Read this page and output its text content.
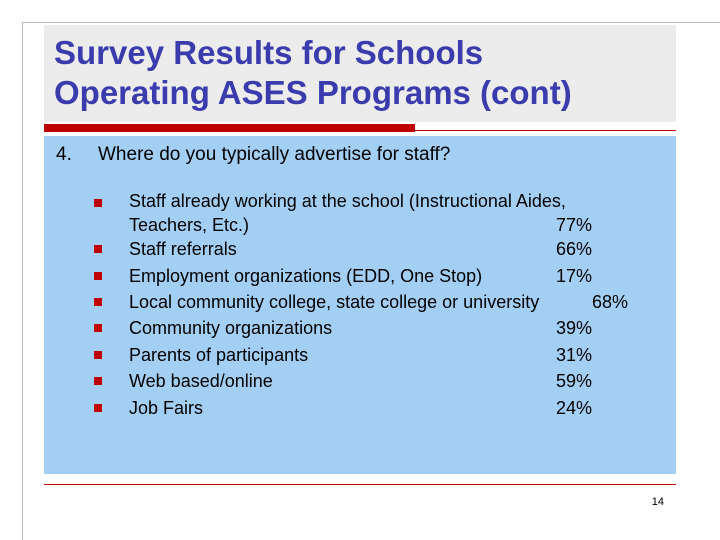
Survey Results for Schools
Operating ASES Programs (cont)
4. Where do you typically advertise for staff?
Staff already working at the school (Instructional Aides,
Teachers, Etc.)	77%
Staff referrals	66%
Employment organizations (EDD, One Stop)	17%
Local community college, state college or university	68%
Community organizations	39%
Parents of participants	31%
Web based/online	59%
Job Fairs	24%
14
